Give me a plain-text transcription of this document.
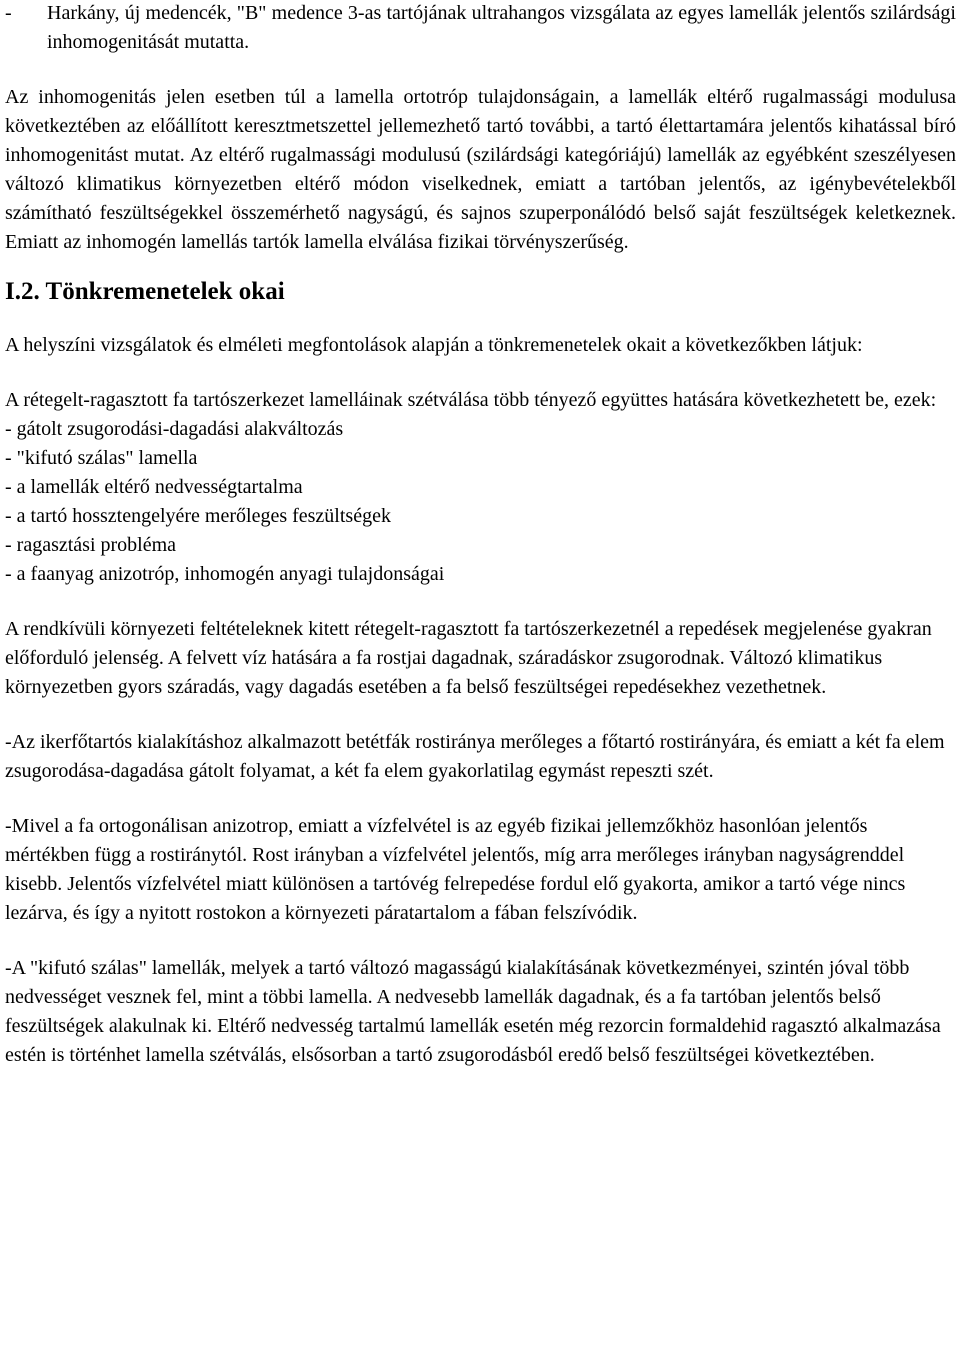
-	Harkány, új medencék, "B" medence 3-as tartójának ultrahangos vizsgálata az egyes lamellák jelentős szilárdsági inhomogenitását mutatta.

Az inhomogenitás jelen esetben túl a lamella ortotróp tulajdonságain, a lamellák eltérő rugalmassági modulusa következtében az előállított keresztmetszettel jellemezhető tartó további, a tartó élettartamára jelentős kihatással bíró inhomogenitást mutat. Az eltérő rugalmassági modulusú (szilárdsági kategóriájú) lamellák az egyébként szeszélyesen változó klimatikus környezetben eltérő módon viselkednek, emiatt a tartóban jelentős, az igénybevételekből számítható feszültségekkel összemérhető nagyságú, és sajnos szuperponálódó belső saját feszültségek keletkeznek. Emiatt az inhomogén lamellás tartók lamella elválása fizikai törvényszerűség.

I.2. Tönkremenetelek okai

A helyszíni vizsgálatok és elméleti megfontolások alapján a tönkremenetelek okait a következőkben látjuk:

A rétegelt-ragasztott fa tartószerkezet lamelláinak szétválása több tényező együttes hatására következhetett be, ezek:

- gátolt zsugorodási-dagadási alakváltozás

- "kifutó szálas" lamella

- a lamellák eltérő nedvességtartalma

- a tartó hossztengelyére merőleges feszültségek

- ragasztási probléma

- a faanyag anizotróp, inhomogén anyagi tulajdonságai

A rendkívüli környezeti feltételeknek kitett rétegelt-ragasztott fa tartószerkezetnél a repedések megjelenése gyakran előforduló jelenség. A felvett víz hatására a fa rostjai dagadnak, száradáskor zsugorodnak. Változó klimatikus környezetben gyors száradás, vagy dagadás esetében a fa belső feszültségei repedésekhez vezethetnek.

-Az ikerfőtartós kialakításhoz alkalmazott betétfák rostiránya merőleges a főtartó rostirányára, és emiatt a két fa elem zsugorodása-dagadása gátolt folyamat, a két fa elem gyakorlatilag egymást repeszti szét.

-Mivel a fa ortogonálisan anizotrop, emiatt a vízfelvétel is az egyéb fizikai jellemzőkhöz hasonlóan jelentős mértékben függ a rostiránytól. Rost irányban a vízfelvétel jelentős, míg arra merőleges irányban nagyságrenddel kisebb. Jelentős vízfelvétel miatt különösen a tartóvég felrepedése fordul elő gyakorta, amikor a tartó vége nincs lezárva, és így a nyitott rostokon a környezeti páratartalom a fában felszívódik.

-A "kifutó szálas" lamellák, melyek a tartó változó magasságú kialakításának következményei, szintén jóval több nedvességet vesznek fel, mint a többi lamella. A nedvesebb lamellák dagadnak, és a fa tartóban jelentős belső feszültségek alakulnak ki. Eltérő nedvesség tartalmú lamellák esetén még rezorcin formaldehid ragasztó alkalmazása estén is történhet lamella szétválás, elsősorban a tartó zsugorodásból eredő belső feszültségei következtében.
